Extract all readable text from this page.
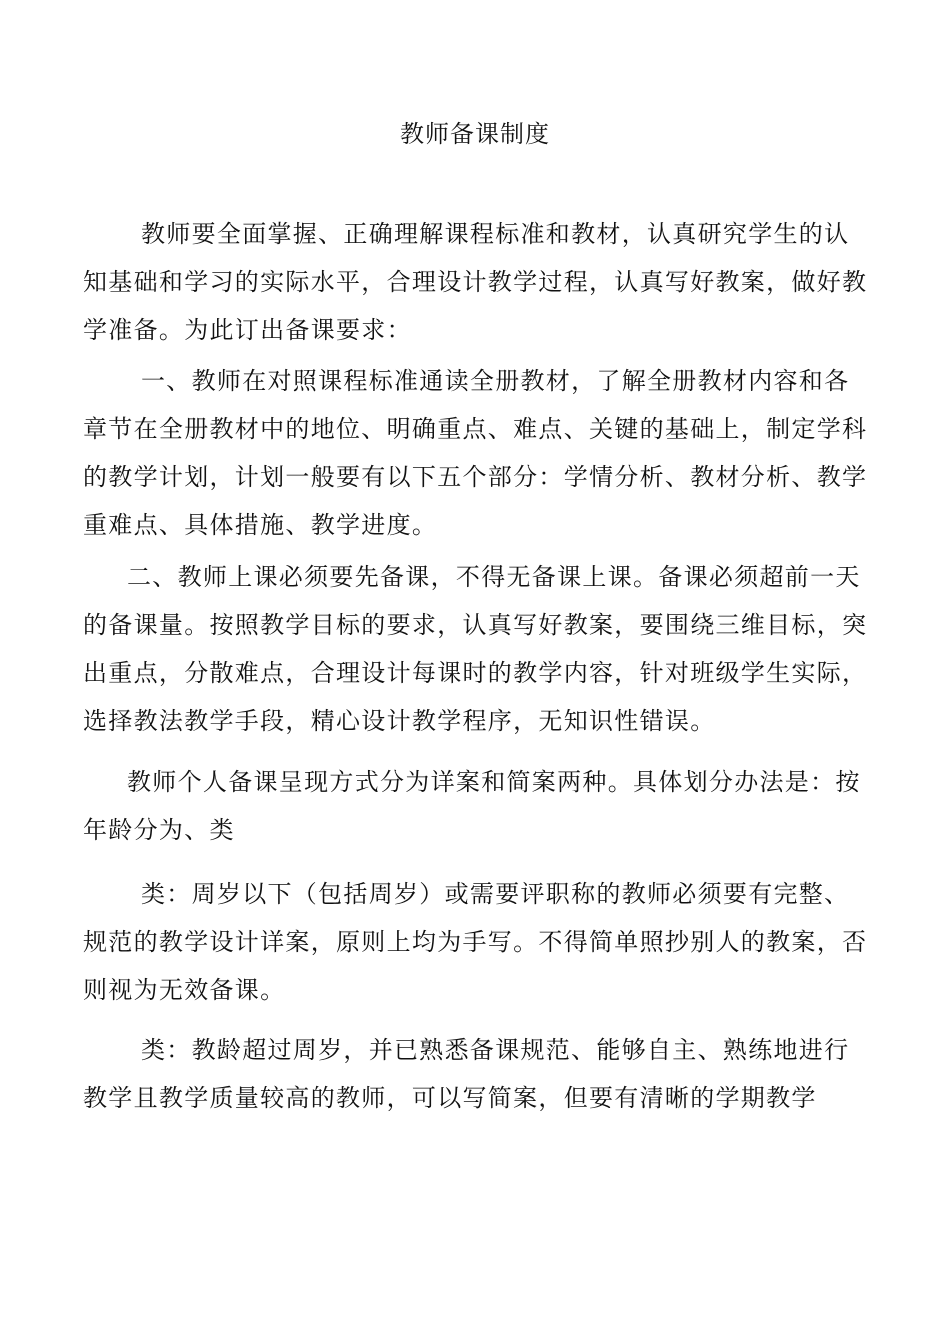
教师备课制度
教师要全面掌握、正确理解课程标准和教材，认真研究学生的认知基础和学习的实际水平，合理设计教学过程，认真写好教案，做好教学准备。为此订出备课要求：
一、教师在对照课程标准通读全册教材，了解全册教材内容和各章节在全册教材中的地位、明确重点、难点、关键的基础上，制定学科的教学计划，计划一般要有以下五个部分：学情分析、教材分析、教学重难点、具体措施、教学进度。
二、教师上课必须要先备课，不得无备课上课。备课必须超前一天的备课量。按照教学目标的要求，认真写好教案，要围绕三维目标，突出重点，分散难点，合理设计每课时的教学内容，针对班级学生实际，选择教法教学手段，精心设计教学程序，无知识性错误。
教师个人备课呈现方式分为详案和简案两种。具体划分办法是：按年龄分为、类
类：周岁以下（包括周岁）或需要评职称的教师必须要有完整、规范的教学设计详案，原则上均为手写。不得简单照抄别人的教案，否则视为无效备课。
类：教龄超过周岁，并已熟悉备课规范、能够自主、熟练地进行教学且教学质量较高的教师，可以写简案，但要有清晰的学期教学
